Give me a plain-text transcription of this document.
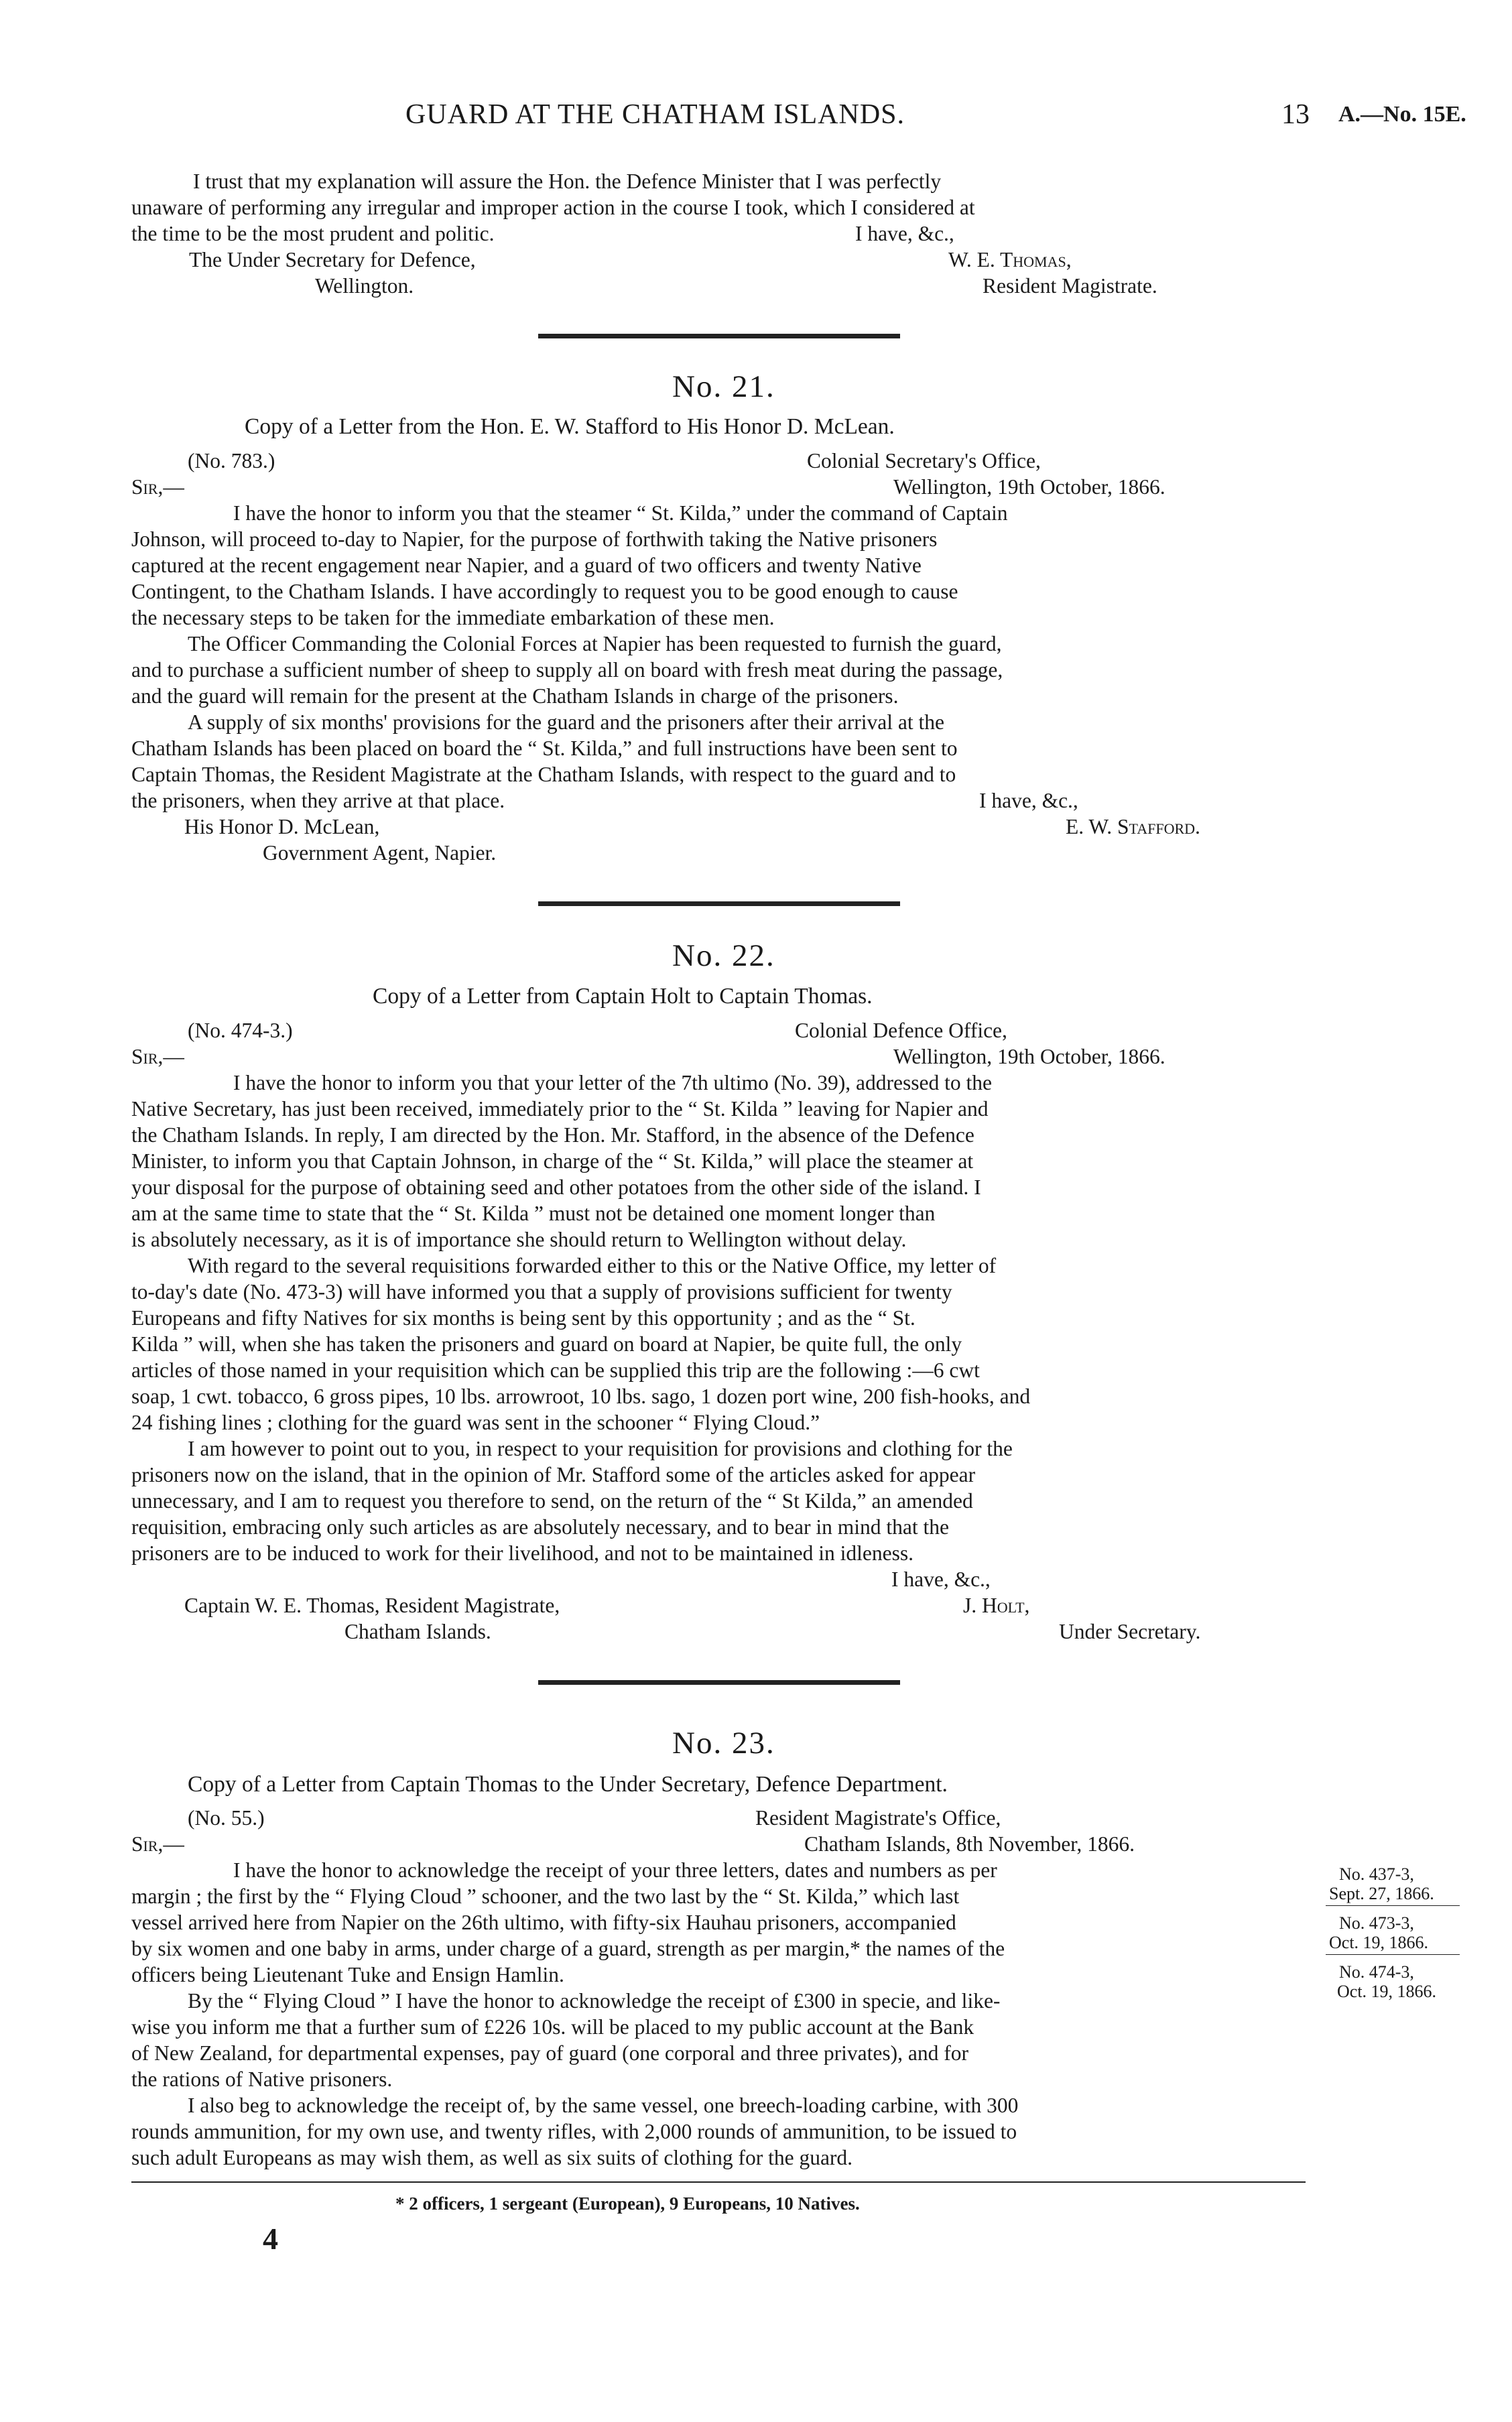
GUARD AT THE CHATHAM ISLANDS.	13 A.—No. 15E.
I trust that my explanation will assure the Hon. the Defence Minister that I was perfectly
unaware of performing any irregular and improper action in the course I took, which I considered at
the time to be the most prudent and politic.	I have, &c.,
The Under Secretary for Defence,	W. E. Thomas,
Wellington.	Resident Magistrate.
No. 21.
Copy of a Letter from the Hon. E. W. Stafford to His Honor D. McLean.
(No. 783.)	Colonial Secretary's Office,
Sir,—	Wellington, 19th October, 1866.
I have the honor to inform you that the steamer “ St. Kilda,” under the command of Captain
Johnson, will proceed to-day to Napier, for the purpose of forthwith taking the Native prisoners
captured at the recent engagement near Napier, and a guard of two officers and twenty Native
Contingent, to the Chatham Islands. I have accordingly to request you to be good enough to cause
the necessary steps to be taken for the immediate embarkation of these men.
The Officer Commanding the Colonial Forces at Napier has been requested to furnish the guard,
and to purchase a sufficient number of sheep to supply all on board with fresh meat during the passage,
and the guard will remain for the present at the Chatham Islands in charge of the prisoners.
A supply of six months' provisions for the guard and the prisoners after their arrival at the
Chatham Islands has been placed on board the “ St. Kilda,” and full instructions have been sent to
Captain Thomas, the Resident Magistrate at the Chatham Islands, with respect to the guard and to
the prisoners, when they arrive at that place.	I have, &c.,
His Honor D. McLean,	E. W. Stafford.
Government Agent, Napier.
No. 22.
Copy of a Letter from Captain Holt to Captain Thomas.
(No. 474-3.)	Colonial Defence Office,
Sir,—	Wellington, 19th October, 1866.
I have the honor to inform you that your letter of the 7th ultimo (No. 39), addressed to the
Native Secretary, has just been received, immediately prior to the “ St. Kilda ” leaving for Napier and
the Chatham Islands. In reply, I am directed by the Hon. Mr. Stafford, in the absence of the Defence
Minister, to inform you that Captain Johnson, in charge of the “ St. Kilda,” will place the steamer at
your disposal for the purpose of obtaining seed and other potatoes from the other side of the island. I
am at the same time to state that the “ St. Kilda ” must not be detained one moment longer than
is absolutely necessary, as it is of importance she should return to Wellington without delay.
With regard to the several requisitions forwarded either to this or the Native Office, my letter of
to-day's date (No. 473-3) will have informed you that a supply of provisions sufficient for twenty
Europeans and fifty Natives for six months is being sent by this opportunity ; and as the “ St.
Kilda ” will, when she has taken the prisoners and guard on board at Napier, be quite full, the only
articles of those named in your requisition which can be supplied this trip are the following :—6 cwt
soap, 1 cwt. tobacco, 6 gross pipes, 10 lbs. arrowroot, 10 lbs. sago, 1 dozen port wine, 200 fish-hooks, and
24 fishing lines ; clothing for the guard was sent in the schooner “ Flying Cloud.”
I am however to point out to you, in respect to your requisition for provisions and clothing for the
prisoners now on the island, that in the opinion of Mr. Stafford some of the articles asked for appear
unnecessary, and I am to request you therefore to send, on the return of the “ St Kilda,” an amended
requisition, embracing only such articles as are absolutely necessary, and to bear in mind that the
prisoners are to be induced to work for their livelihood, and not to be maintained in idleness.
I have, &c.,
Captain W. E. Thomas, Resident Magistrate,	J. Holt,
Chatham Islands.	Under Secretary.
No. 23.
Copy of a Letter from Captain Thomas to the Under Secretary, Defence Department.
(No. 55.)	Resident Magistrate's Office,
Sir,—	Chatham Islands, 8th November, 1866.
I have the honor to acknowledge the receipt of your three letters, dates and numbers as per
margin ; the first by the “ Flying Cloud ” schooner, and the two last by the “ St. Kilda,” which last
vessel arrived here from Napier on the 26th ultimo, with fifty-six Hauhau prisoners, accompanied
by six women and one baby in arms, under charge of a guard, strength as per margin,* the names of the
officers being Lieutenant Tuke and Ensign Hamlin.
By the “ Flying Cloud ” I have the honor to acknowledge the receipt of £300 in specie, and like-
wise you inform me that a further sum of £226 10s. will be placed to my public account at the Bank
of New Zealand, for departmental expenses, pay of guard (one corporal and three privates), and for
the rations of Native prisoners.
I also beg to acknowledge the receipt of, by the same vessel, one breech-loading carbine, with 300
rounds ammunition, for my own use, and twenty rifles, with 2,000 rounds of ammunition, to be issued to
such adult Europeans as may wish them, as well as six suits of clothing for the guard.
No. 437-3,
Sept. 27, 1866.
No. 473-3,
Oct. 19, 1866.
No. 474-3,
Oct. 19, 1866.
* 2 officers, 1 sergeant (European), 9 Europeans, 10 Natives.
4
